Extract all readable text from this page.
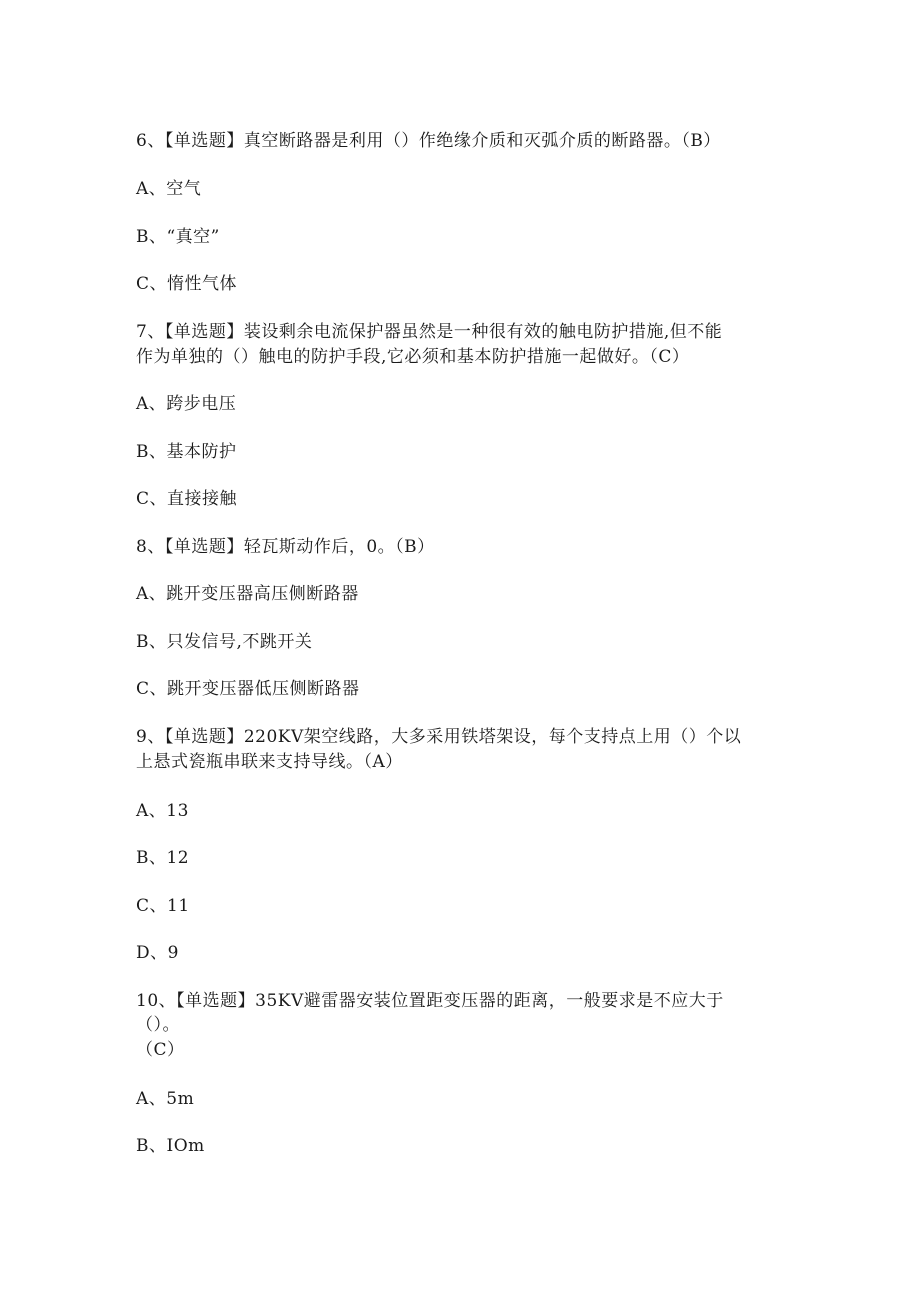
6、【单选题】真空断路器是利用（）作绝缘介质和灭弧介质的断路器。（B）
A、空气
B、“真空”
C、惰性气体
7、【单选题】装设剩余电流保护器虽然是一种很有效的触电防护措施,但不能
作为单独的（）触电的防护手段,它必须和基本防护措施一起做好。（C）
A、跨步电压
B、基本防护
C、直接接触
8、【单选题】轻瓦斯动作后，0。（B）
A、跳开变压器高压侧断路器
B、只发信号,不跳开关
C、跳开变压器低压侧断路器
9、【单选题】220KV架空线路，大多采用铁塔架设，每个支持点上用（）个以
上悬式瓷瓶串联来支持导线。（A）
A、13
B、12
C、11
D、9
10、【单选题】35KV避雷器安装位置距变压器的距离，一般要求是不应大于
（）。
（C）
A、5m
B、IOm
